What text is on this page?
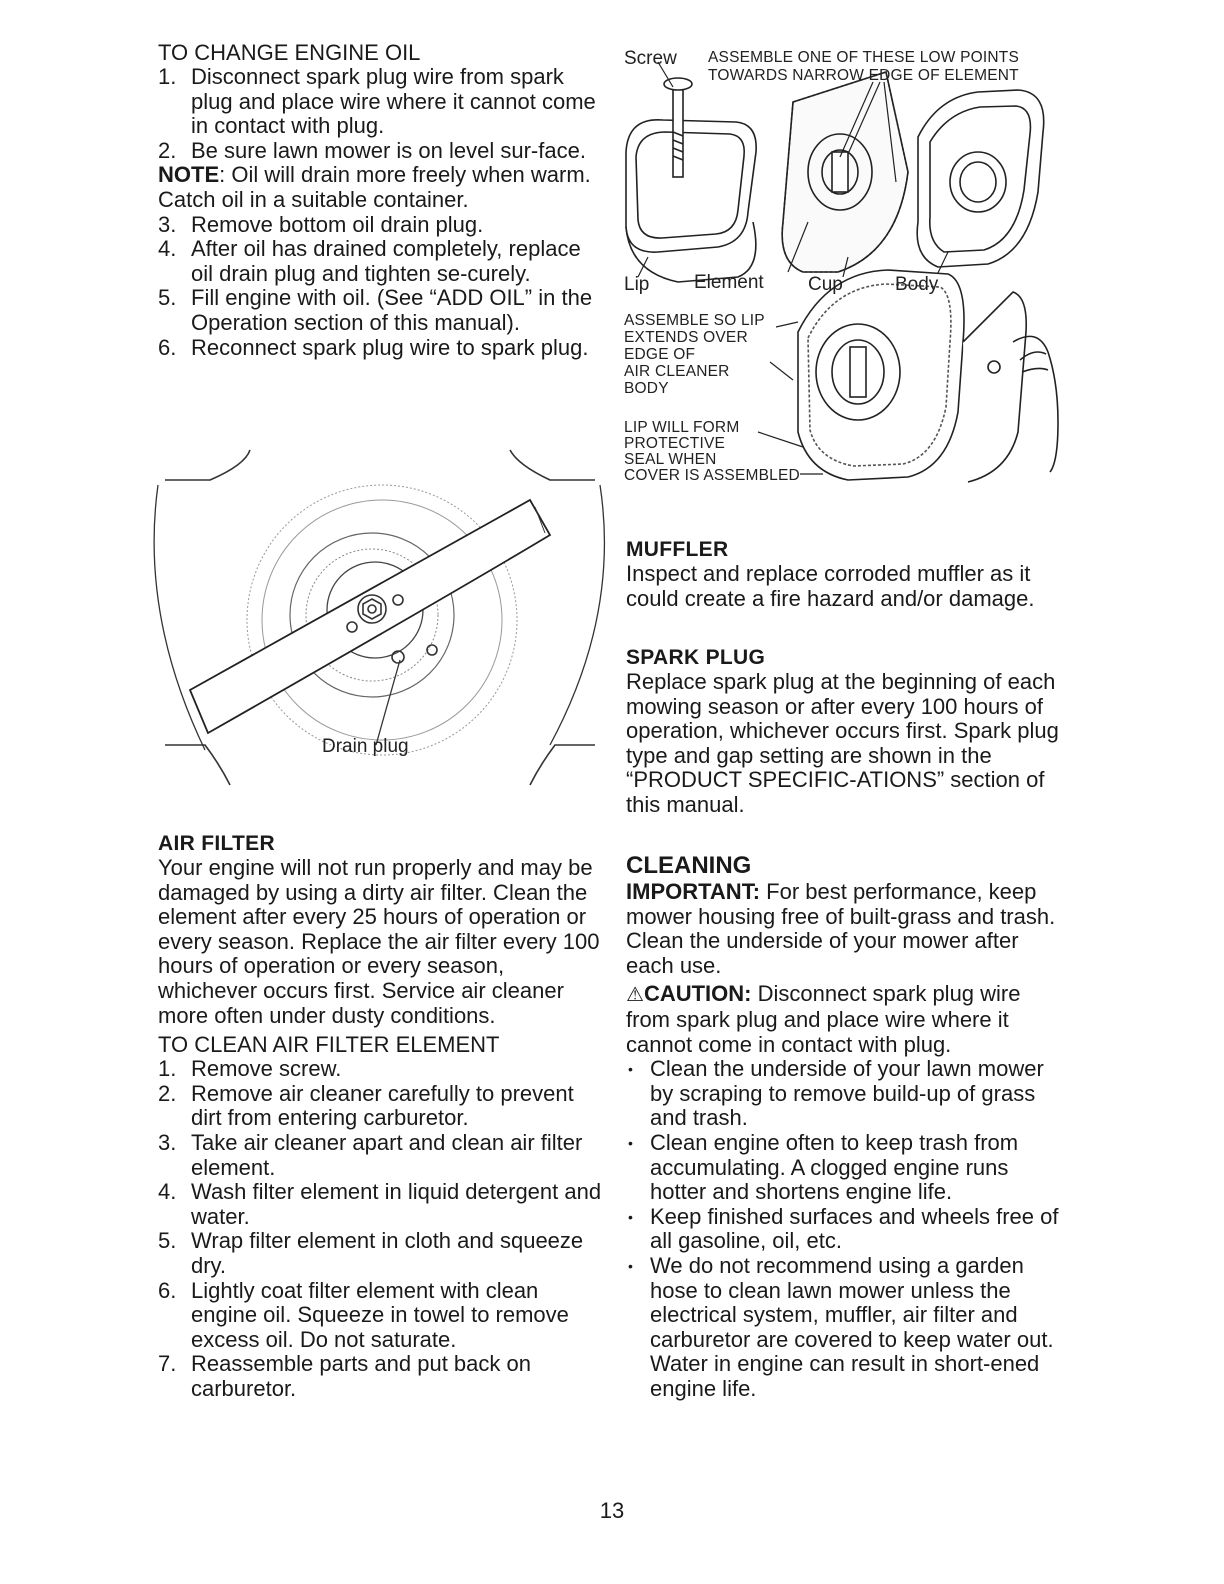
TO CHANGE ENGINE OIL

1. Disconnect spark plug wire from spark plug and place wire where it cannot come in contact with plug.
2. Be sure lawn mower is on level sur-face.

NOTE: Oil will drain more freely when warm. Catch oil in a suitable container.

3. Remove bottom oil drain plug.
4. After oil has drained completely, replace oil drain plug and tighten se-curely.
5. Fill engine with oil. (See “ADD OIL” in the Operation section of this manual).
6. Reconnect spark plug wire to spark plug.
Drain plug

AIR FILTER

Your engine will not run properly and may be damaged by using a dirty air filter. Clean the element after every 25 hours of operation or every season. Replace the air filter every 100 hours of operation or every season, whichever occurs first. Service air cleaner more often under dusty conditions.

TO CLEAN AIR FILTER ELEMENT

1. Remove screw.
2. Remove air cleaner carefully to prevent dirt from entering carburetor.
3. Take air cleaner apart and clean air filter element.
4. Wash filter element in liquid detergent and water.
5. Wrap filter element in cloth and squeeze dry.
6. Lightly coat filter element with clean engine oil. Squeeze in towel to remove excess oil. Do not saturate.
7. Reassemble parts and put back on carburetor.
Screw ASSEMBLE ONE OF THESE LOW POINTS
TOWARDS NARROW EDGE OF ELEMENT
Lip Element Cup	Body
ASSEMBLE SO LIP
EXTENDS OVER
EDGE OF
AIR CLEANER
BODY
LIP WILL FORM
PROTECTIVE
SEAL WHEN
COVER IS ASSEMBLED

MUFFLER

Inspect and replace corroded muffler as it could create a fire hazard and/or damage.

SPARK PLUG

Replace spark plug at the beginning of each mowing season or after every 100 hours of operation, whichever occurs first. Spark plug type and gap setting are shown in the “PRODUCT SPECIFIC-ATIONS” section of this manual.

CLEANING

IMPORTANT: For best performance, keep mower housing free of built-grass and trash. Clean the underside of your mower after each use.

⚠CAUTION: Disconnect spark plug wire from spark plug and place wire where it cannot come in contact with plug.

• Clean the underside of your lawn mower by scraping to remove build-up of grass and trash.
• Clean engine often to keep trash from accumulating. A clogged engine runs hotter and shortens engine life.
• Keep finished surfaces and wheels free of all gasoline, oil, etc.
• We do not recommend using a garden hose to clean lawn mower unless the electrical system, muffler, air filter and carburetor are covered to keep water out. Water in engine can result in short-ened engine life.
13
